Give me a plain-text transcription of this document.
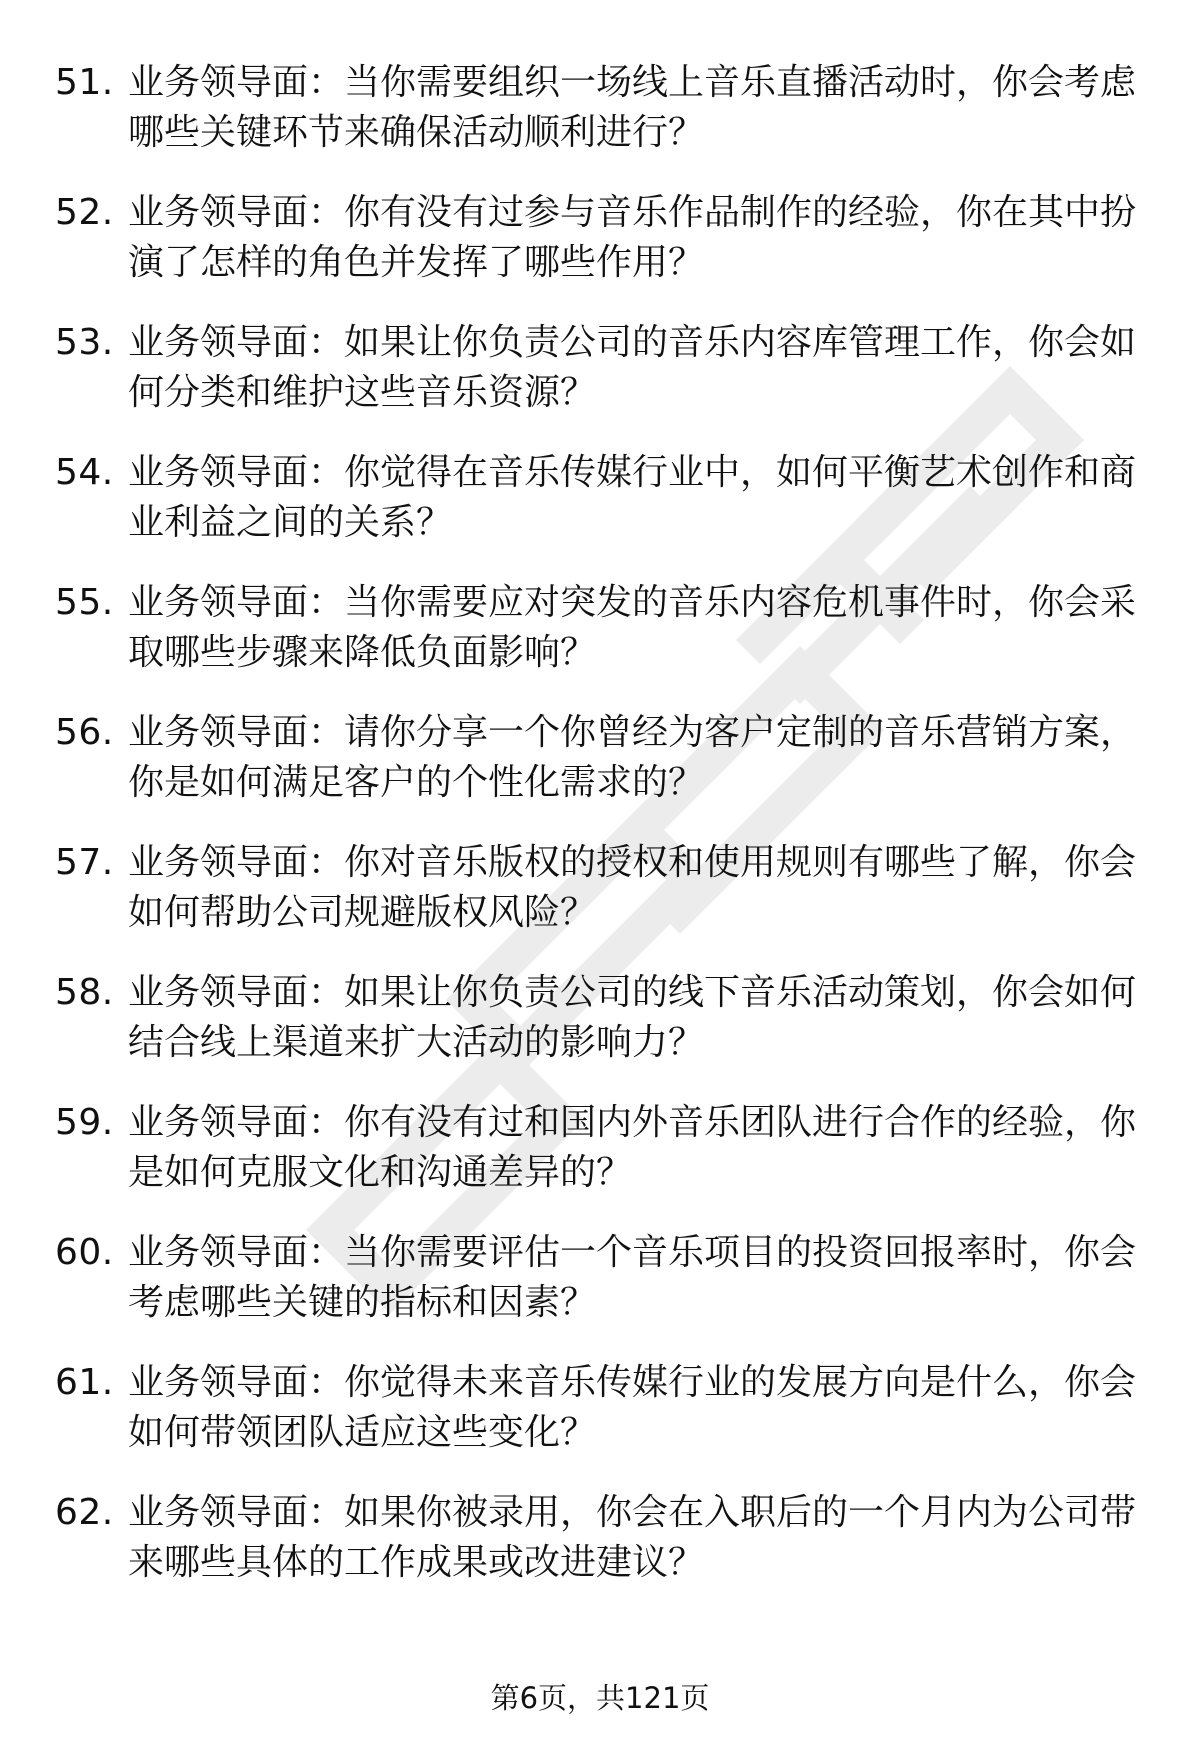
51. 业务领导面：当你需要组织一场线上音乐直播活动时，你会考虑哪些关键环节来确保活动顺利进行？

52. 业务领导面：你有没有过参与音乐作品制作的经验，你在其中扮演了怎样的角色并发挥了哪些作用？

53. 业务领导面：如果让你负责公司的音乐内容库管理工作，你会如何分类和维护这些音乐资源？

54. 业务领导面：你觉得在音乐传媒行业中，如何平衡艺术创作和商业利益之间的关系？

55. 业务领导面：当你需要应对突发的音乐内容危机事件时，你会采取哪些步骤来降低负面影响？

56. 业务领导面：请你分享一个你曾经为客户定制的音乐营销方案，你是如何满足客户的个性化需求的？

57. 业务领导面：你对音乐版权的授权和使用规则有哪些了解，你会如何帮助公司规避版权风险？

58. 业务领导面：如果让你负责公司的线下音乐活动策划，你会如何结合线上渠道来扩大活动的影响力？

59. 业务领导面：你有没有过和国内外音乐团队进行合作的经验，你是如何克服文化和沟通差异的？

60. 业务领导面：当你需要评估一个音乐项目的投资回报率时，你会考虑哪些关键的指标和因素？

61. 业务领导面：你觉得未来音乐传媒行业的发展方向是什么，你会如何带领团队适应这些变化？

62. 业务领导面：如果你被录用，你会在入职后的一个月内为公司带来哪些具体的工作成果或改进建议？

第6页，共121页
